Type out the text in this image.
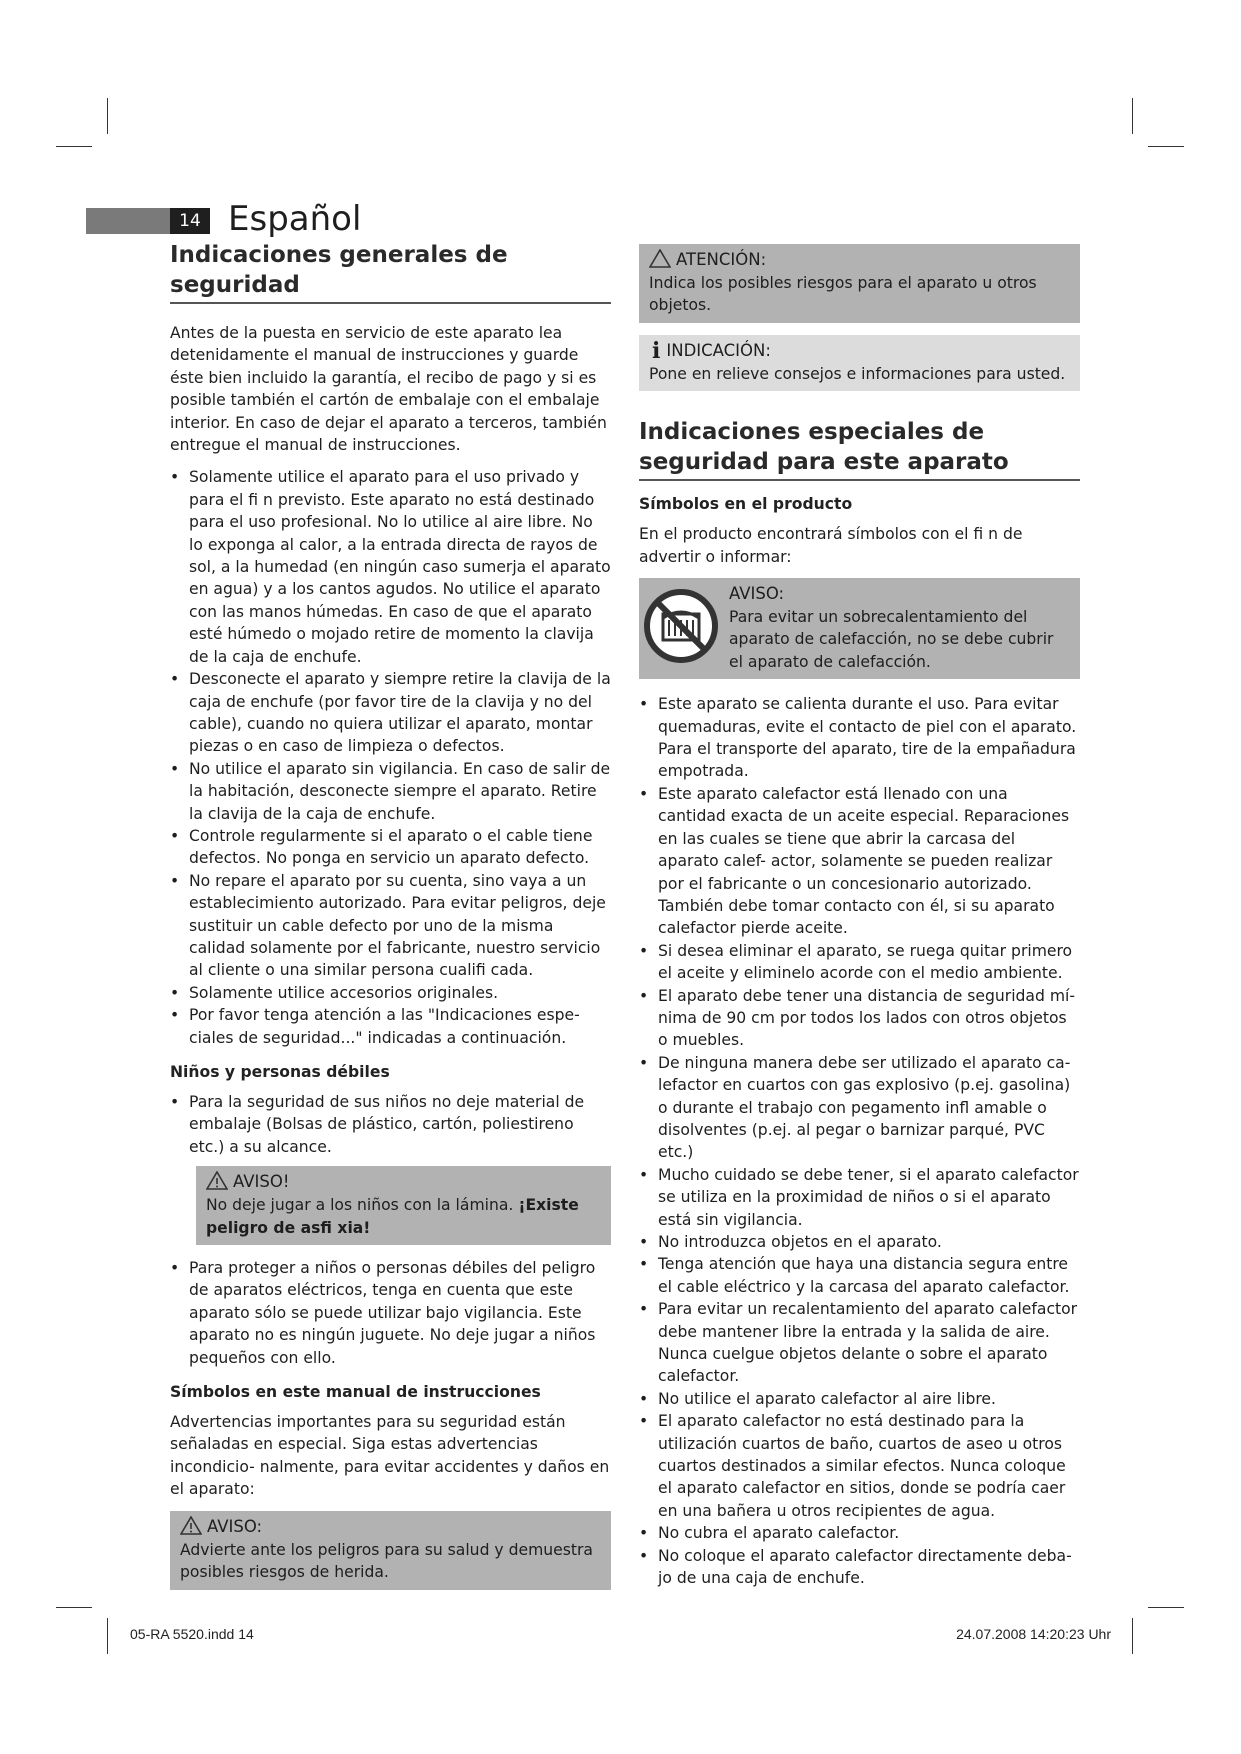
14 Español
Indicaciones generales de seguridad

Antes de la puesta en servicio de este aparato lea detenidamente el manual de instrucciones y guarde éste bien incluido la garantía, el recibo de pago y si es posible también el cartón de embalaje con el embalaje interior. En caso de dejar el aparato a terceros, también entregue el manual de instrucciones.

• Solamente utilice el aparato para el uso privado y para el fi n previsto. Este aparato no está destinado para el uso profesional. No lo utilice al aire libre. No lo exponga al calor, a la entrada directa de rayos de sol, a la humedad (en ningún caso sumerja el aparato en agua) y a los cantos agudos. No utilice el aparato con las manos húmedas. En caso de que el aparato esté húmedo o mojado retire de momento la clavija de la caja de enchufe.
• Desconecte el aparato y siempre retire la clavija de la caja de enchufe (por favor tire de la clavija y no del cable), cuando no quiera utilizar el aparato, montar piezas o en caso de limpieza o defectos.
• No utilice el aparato sin vigilancia. En caso de salir de la habitación, desconecte siempre el aparato. Retire la clavija de la caja de enchufe.
• Controle regularmente si el aparato o el cable tiene defectos. No ponga en servicio un aparato defecto.
• No repare el aparato por su cuenta, sino vaya a un establecimiento autorizado. Para evitar peligros, deje sustituir un cable defecto por uno de la misma calidad solamente por el fabricante, nuestro servicio al cliente o una similar persona cualifi cada.
• Solamente utilice accesorios originales.
• Por favor tenga atención a las "Indicaciones espe- ciales de seguridad..." indicadas a continuación.
Niños y personas débiles
• Para la seguridad de sus niños no deje material de embalaje (Bolsas de plástico, cartón, poliestireno etc.) a su alcance.
AVISO!

No deje jugar a los niños con la lámina. ¡Existe peligro de asfi xia!

• Para proteger a niños o personas débiles del peligro de aparatos eléctricos, tenga en cuenta que este aparato sólo se puede utilizar bajo vigilancia. Este aparato no es ningún juguete. No deje jugar a niños pequeños con ello.
Símbolos en este manual de instrucciones

Advertencias importantes para su seguridad están señaladas en especial. Siga estas advertencias incondicio- nalmente, para evitar accidentes y daños en el aparato:

AVISO:

Advierte ante los peligros para su salud y demuestra posibles riesgos de herida.

ATENCIÓN:

Indica los posibles riesgos para el aparato u otros objetos.

i INDICACIÓN:

Pone en relieve consejos e informaciones para usted.

Indicaciones especiales de seguridad para este aparato
Símbolos en el producto

En el producto encontrará símbolos con el fi n de advertir o informar:

AVISO:

Para evitar un sobrecalentamiento del aparato de calefacción, no se debe cubrir el aparato de calefacción.

• Este aparato se calienta durante el uso. Para evitar quemaduras, evite el contacto de piel con el aparato. Para el transporte del aparato, tire de la empañadura empotrada.
• Este aparato calefactor está llenado con una cantidad exacta de un aceite especial. Reparaciones en las cuales se tiene que abrir la carcasa del aparato calef- actor, solamente se pueden realizar por el fabricante o un concesionario autorizado. También debe tomar contacto con él, si su aparato calefactor pierde aceite.
• Si desea eliminar el aparato, se ruega quitar primero el aceite y eliminelo acorde con el medio ambiente.
• El aparato debe tener una distancia de seguridad mí- nima de 90 cm por todos los lados con otros objetos o muebles.
• De ninguna manera debe ser utilizado el aparato ca- lefactor en cuartos con gas explosivo (p.ej. gasolina) o durante el trabajo con pegamento infl amable o disolventes (p.ej. al pegar o barnizar parqué, PVC etc.)
• Mucho cuidado se debe tener, si el aparato calefactor se utiliza en la proximidad de niños o si el aparato está sin vigilancia.
• No introduzca objetos en el aparato.
• Tenga atención que haya una distancia segura entre el cable eléctrico y la carcasa del aparato calefactor.
• Para evitar un recalentamiento del aparato calefactor debe mantener libre la entrada y la salida de aire. Nunca cuelgue objetos delante o sobre el aparato calefactor.
• No utilice el aparato calefactor al aire libre.
• El aparato calefactor no está destinado para la utilización cuartos de baño, cuartos de aseo u otros cuartos destinados a similar efectos. Nunca coloque el aparato calefactor en sitios, donde se podría caer en una bañera u otros recipientes de agua.
• No cubra el aparato calefactor.
• No coloque el aparato calefactor directamente deba- jo de una caja de enchufe.
05-RA 5520.indd 14	24.07.2008 14:20:23 Uhr
